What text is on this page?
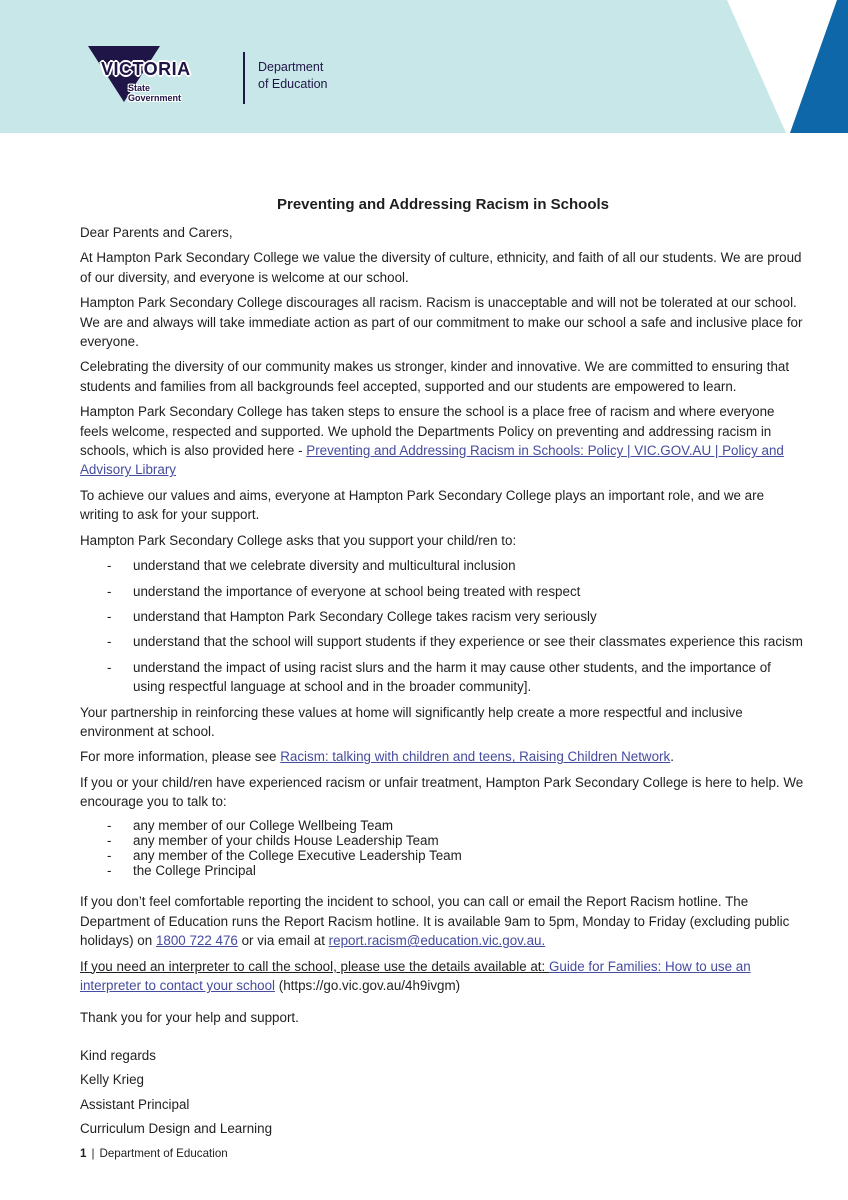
VICTORIA
State
Government
Department
of Education
Preventing and Addressing Racism in Schools

Dear Parents and Carers,

At Hampton Park Secondary College we value the diversity of culture, ethnicity, and faith of all our students. We are proud of our diversity, and everyone is welcome at our school.

Hampton Park Secondary College discourages all racism. Racism is unacceptable and will not be tolerated at our school. We are and always will take immediate action as part of our commitment to make our school a safe and inclusive place for everyone.

Celebrating the diversity of our community makes us stronger, kinder and innovative. We are committed to ensuring that students and families from all backgrounds feel accepted, supported and our students are empowered to learn.

Hampton Park Secondary College has taken steps to ensure the school is a place free of racism and where everyone feels welcome, respected and supported. We uphold the Departments Policy on preventing and addressing racism in schools, which is also provided here - Preventing and Addressing Racism in Schools: Policy | VIC.GOV.AU | Policy and Advisory Library

To achieve our values and aims, everyone at Hampton Park Secondary College plays an important role, and we are writing to ask for your support.

Hampton Park Secondary College asks that you support your child/ren to:

-	understand that we celebrate diversity and multicultural inclusion
-	understand the importance of everyone at school being treated with respect
-	understand that Hampton Park Secondary College takes racism very seriously
-	understand that the school will support students if they experience or see their classmates experience this racism
-	understand the impact of using racist slurs and the harm it may cause other students, and the importance of using respectful language at school and in the broader community].

Your partnership in reinforcing these values at home will significantly help create a more respectful and inclusive environment at school.

For more information, please see Racism: talking with children and teens, Raising Children Network.

If you or your child/ren have experienced racism or unfair treatment, Hampton Park Secondary College is here to help. We encourage you to talk to:

-	any member of our College Wellbeing Team
-	any member of your childs House Leadership Team
-	any member of the College Executive Leadership Team
-	the College Principal

If you don’t feel comfortable reporting the incident to school, you can call or email the Report Racism hotline. The Department of Education runs the Report Racism hotline. It is available 9am to 5pm, Monday to Friday (excluding public holidays) on 1800 722 476 or via email at report.racism@education.vic.gov.au.

If you need an interpreter to call the school, please use the details available at: Guide for Families: How to use an interpreter to contact your school (https://go.vic.gov.au/4h9ivgm)

Thank you for your help and support.

Kind regards

Kelly Krieg

Assistant Principal

Curriculum Design and Learning

1 | Department of Education
